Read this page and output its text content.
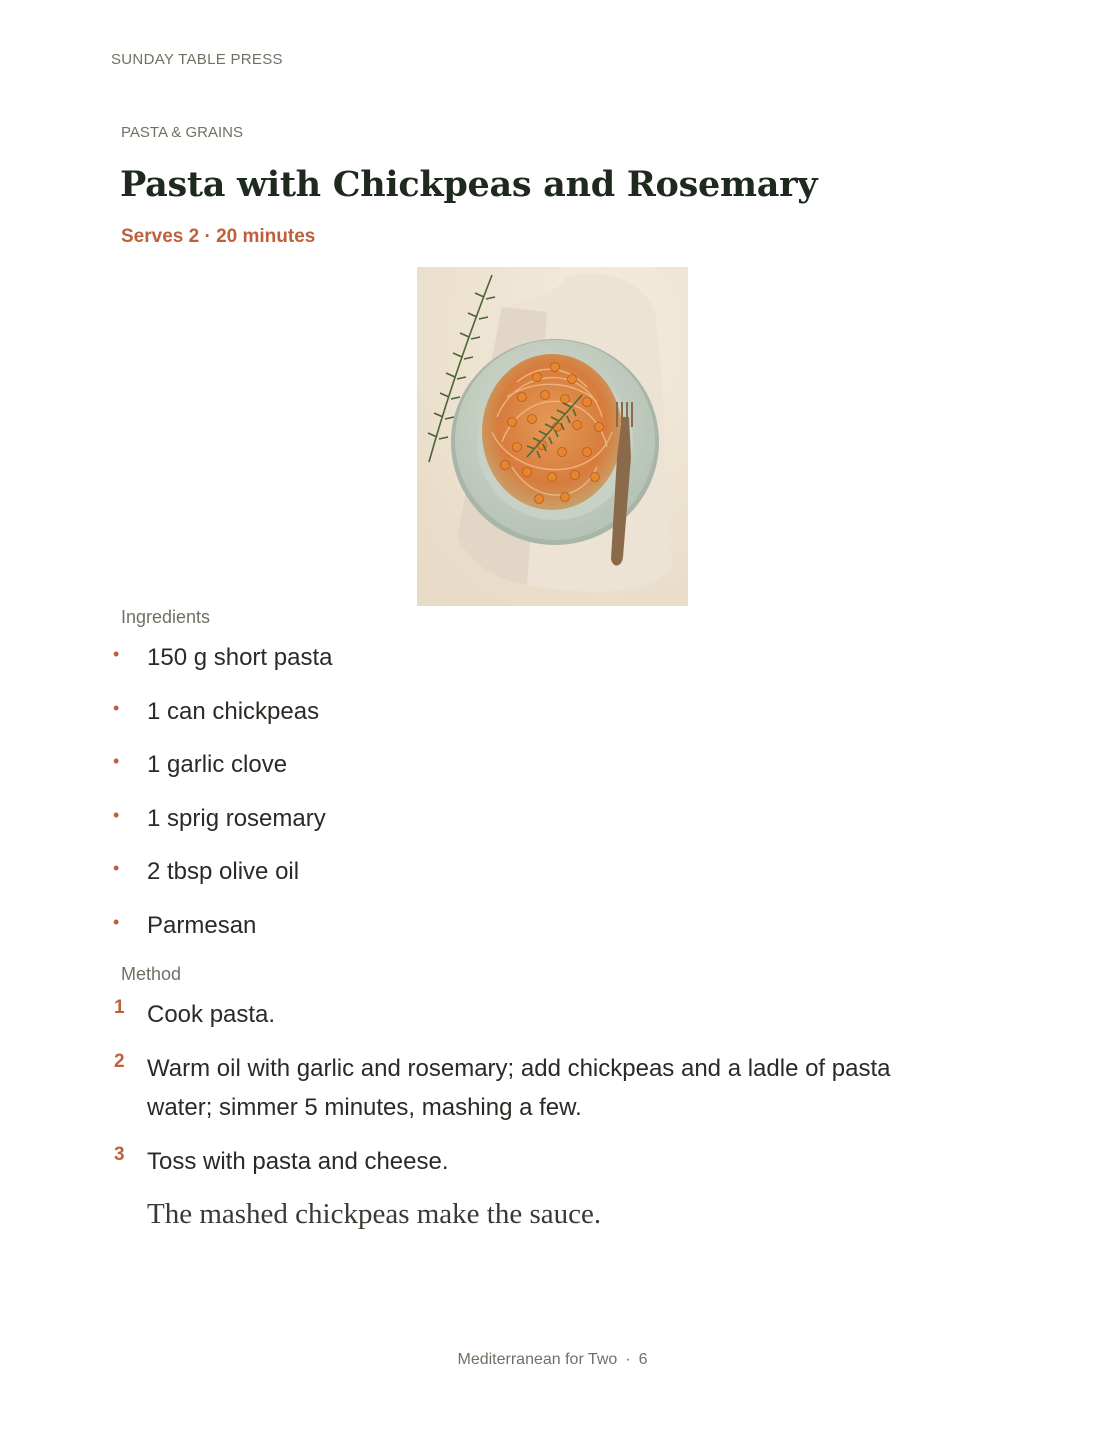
SUNDAY TABLE PRESS
PASTA & GRAINS
Pasta with Chickpeas and Rosemary
Serves 2 · 20 minutes
Ingredients
• 150 g short pasta
• 1 can chickpeas
• 1 garlic clove
• 1 sprig rosemary
• 2 tbsp olive oil
• Parmesan
Method
1 Cook pasta.
2 Warm oil with garlic and rosemary; add chickpeas and a ladle of pasta water; simmer 5 minutes, mashing a few.
3 Toss with pasta and cheese.
The mashed chickpeas make the sauce.
Mediterranean for Two · 6
